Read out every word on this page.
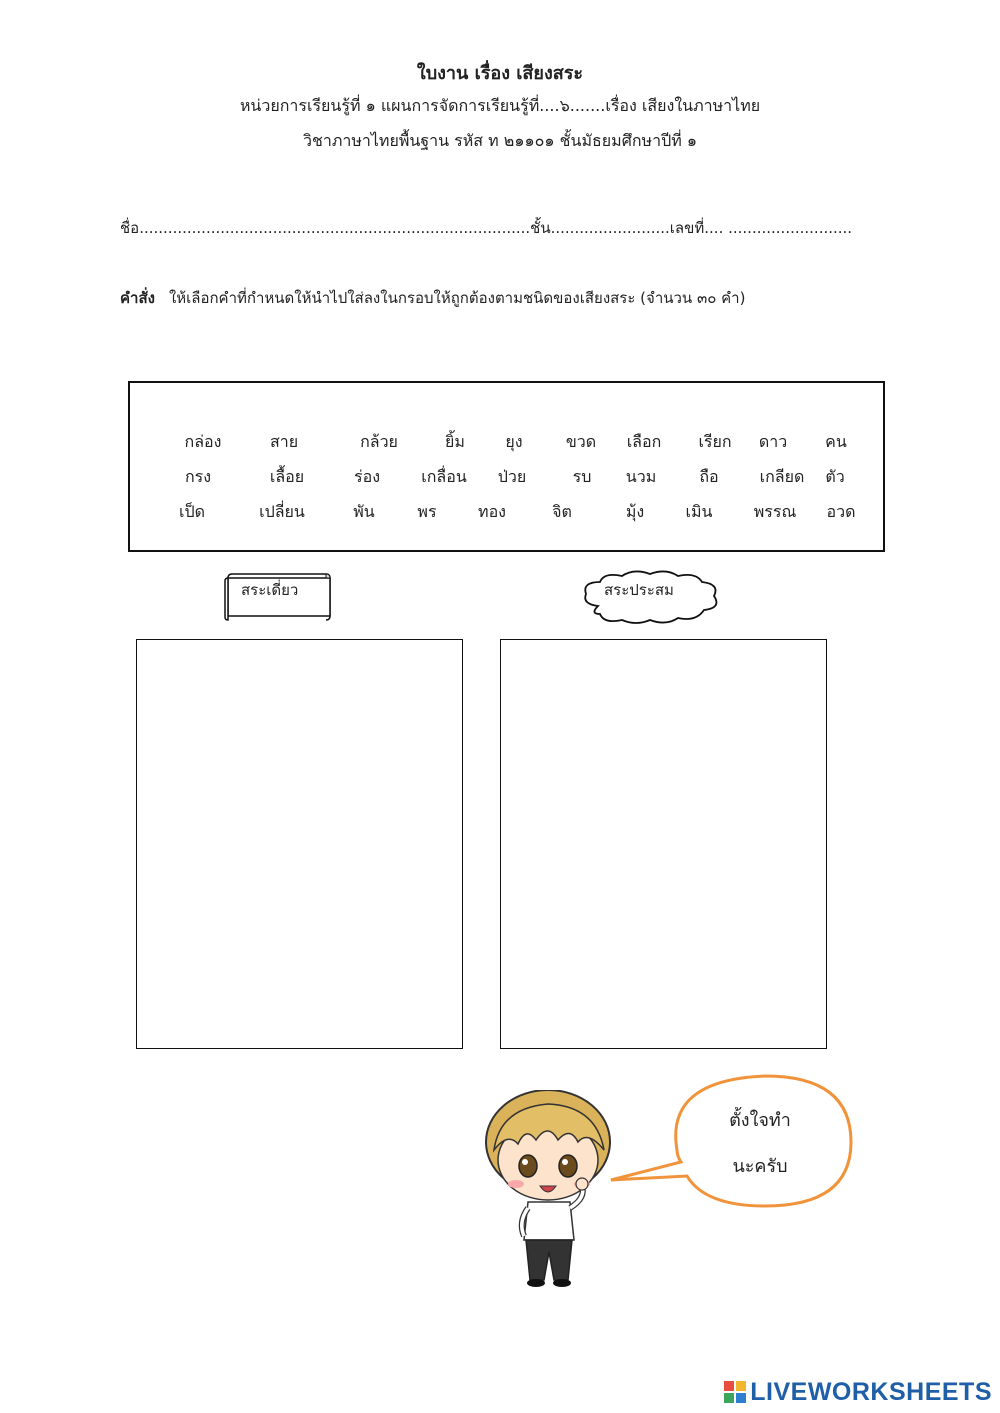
ใบงาน เรื่อง เสียงสระ
หน่วยการเรียนรู้ที่ ๑ แผนการจัดการเรียนรู้ที่....๖.......เรื่อง เสียงในภาษาไทย
วิชาภาษาไทยพื้นฐาน รหัส ท ๒๑๑๐๑ ชั้นมัธยมศึกษาปีที่ ๑
ชื่อ..................................................................................ชั้น.........................เลขที่.... ..........................
คำสั่ง ให้เลือกคำที่กำหนดให้นำไปใส่ลงในกรอบให้ถูกต้องตามชนิดของเสียงสระ (จำนวน ๓๐ คำ)
กล่อง	สาย	กล้วย	ยิ้ม	ยุง	ขวด เลือก เรียก ดาว คน
กรง	เลื้อย	ร่อง	เกลื่อน ป่วย	รบ นวม	ถือ	เกลียด ตัว
เป็ด	เปลี่ยน	พัน	พร	ทอง	จิต	มุ้ง	เมิน	พรรณ อวด
สระเดี่ยว	สระประสม
ตั้งใจทำ
นะครับ
LIVEWORKSHEETS
